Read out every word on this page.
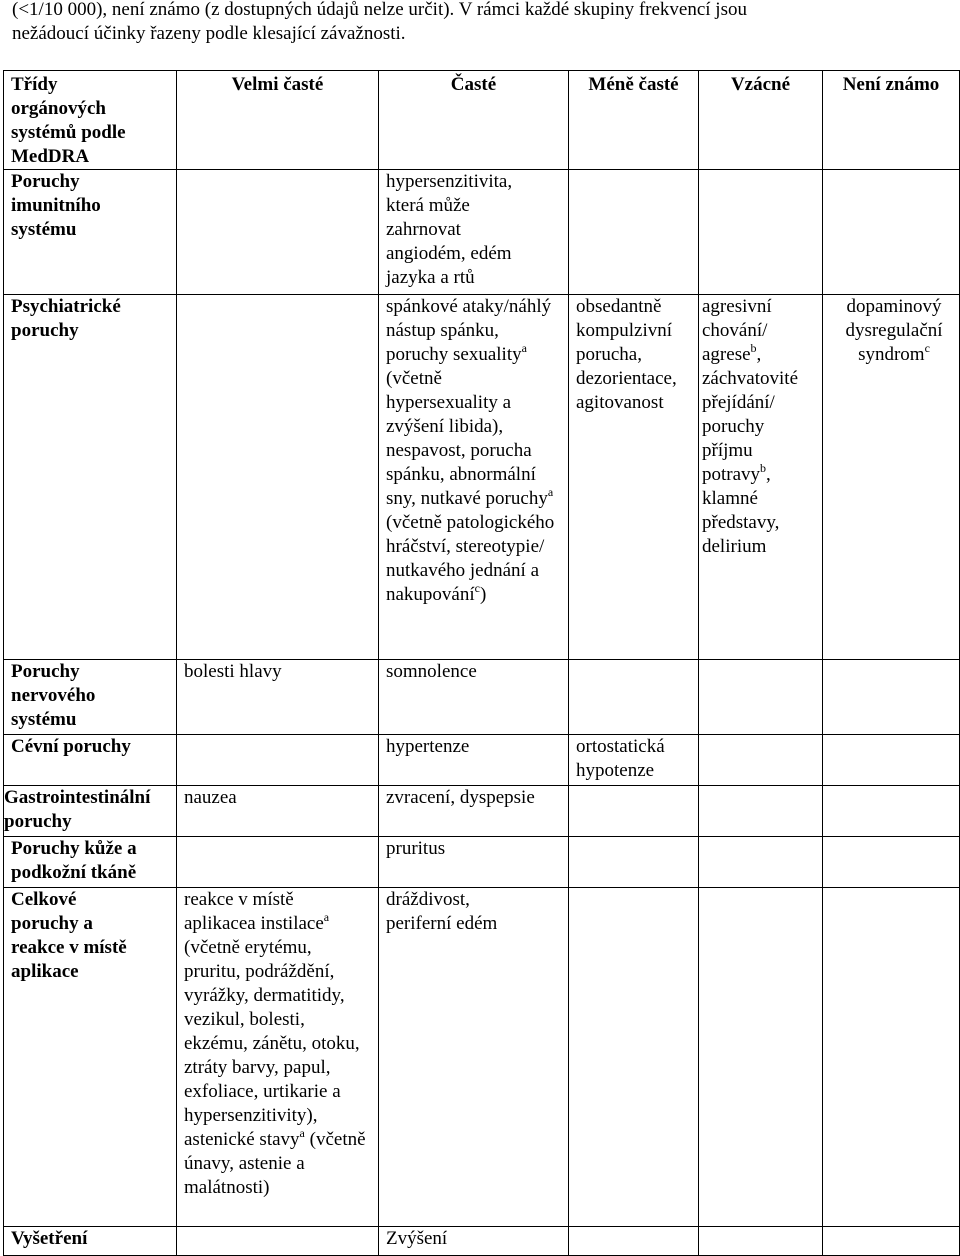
(<1/10 000), není známo (z dostupných údajů nelze určit). V rámci každé skupiny frekvencí jsou
nežádoucí účinky řazeny podle klesající závažnosti.
Třídy orgánových systémů podle MedDRA	Velmi časté	Časté	Méně časté	Vzácné	Není známo

Poruchy imunitního systému		hypersenzitivita, která může zahrnovat angiodém, edém jazyka a rtů			

Psychiatrické poruchy		spánkové ataky/náhlý nástup spánku, poruchy sexuality$^a$ (včetně hypersexuality a zvýšení libida), nespavost, porucha spánku, abnormální sny, nutkavé poruchy$^a$ (včetně patologického hráčství, stereotypie/ nutkavého jednání a nakupování$^c$)	obsedantně kompulzivní porucha, dezorientace, agitovanost	agresivní chování/ agrese$^b$, záchvatovité přejídání/ poruchy příjmu potravy$^b$, klamné představy, delirium	dopaminový dysregulační syndrom$^c$

Poruchy nervového systému	bolesti hlavy	somnolence			
Cévní poruchy		hypertenze	ortostatická hypotenze		

Gastrointestinální poruchy	nauzea	zvracení, dyspepsie			

Poruchy kůže a podkožní tkáně		pruritus			

Celkové poruchy a reakce v místě aplikace	reakce v místě aplikacea instilace$^a$ (včetně erytému, pruritu, podráždění, vyrážky, dermatitidy, vezikul, bolesti, ekzému, zánětu, otoku, ztráty barvy, papul, exfoliace, urtikarie a hypersenzitivity), astenické stavy$^a$ (včetně únavy, astenie a malátnosti)	dráždivost, periferní edém			

Vyšetření		Zvýšení			
